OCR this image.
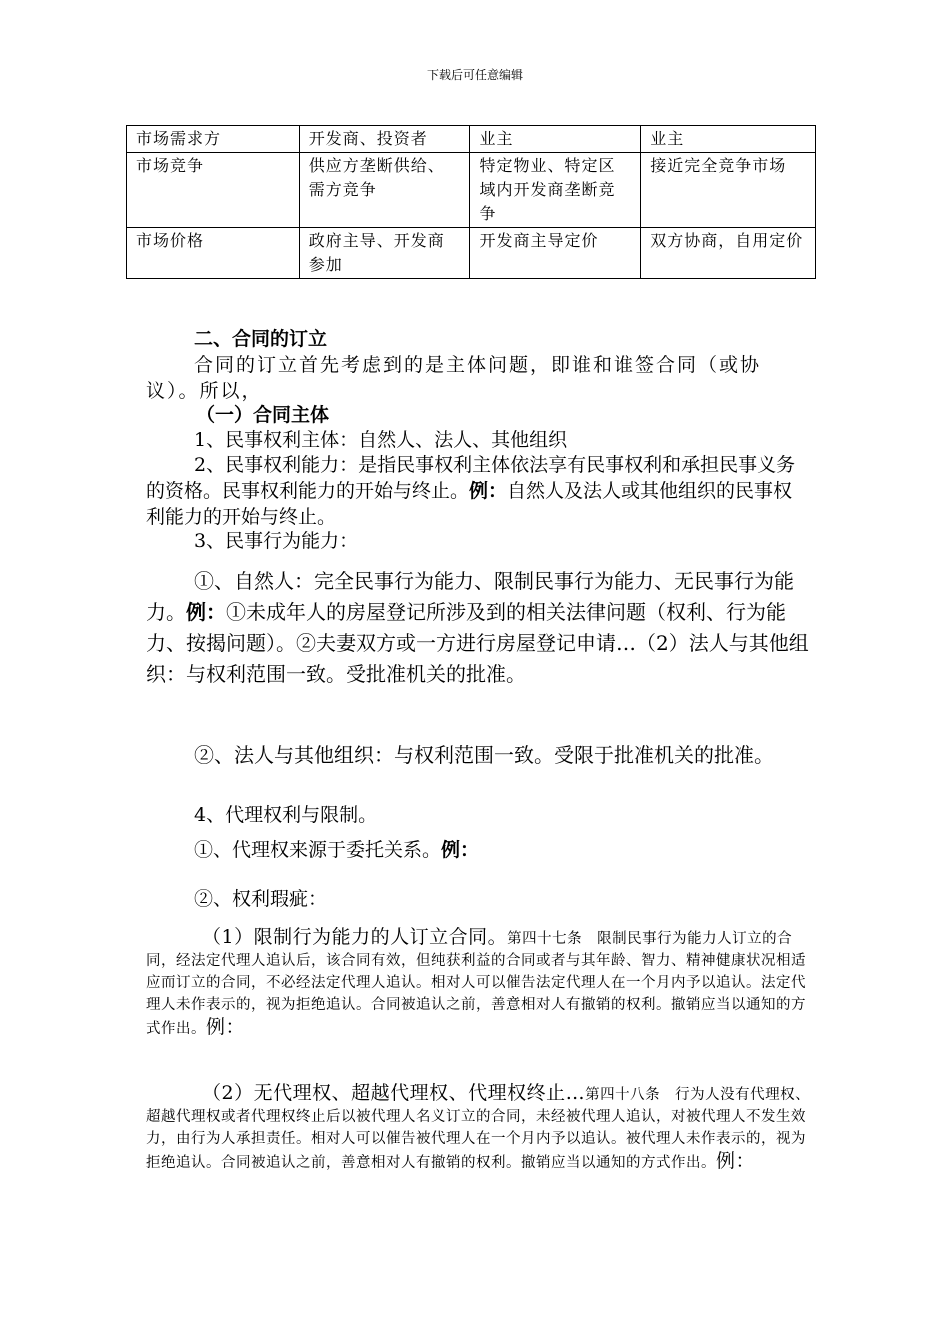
下载后可任意编辑
市场需求方	开发商、投资者	业主	业主
市场竞争	供应方垄断供给、需方竞争	特定物业、特定区域内开发商垄断竞争	接近完全竞争市场
市场价格	政府主导、开发商参加	开发商主导定价	双方协商，自用定价
二、合同的订立
合同的订立首先考虑到的是主体问题，即谁和谁签合同（或协议）。所以，
（一）合同主体
1、民事权利主体：自然人、法人、其他组织
2、民事权利能力：是指民事权利主体依法享有民事权利和承担民事义务的资格。民事权利能力的开始与终止。例：自然人及法人或其他组织的民事权利能力的开始与终止。
3、民事行为能力：
①、自然人：完全民事行为能力、限制民事行为能力、无民事行为能力。例：①未成年人的房屋登记所涉及到的相关法律问题（权利、行为能力、按揭问题）。②夫妻双方或一方进行房屋登记申请…（2）法人与其他组织：与权利范围一致。受批准机关的批准。
②、法人与其他组织：与权利范围一致。受限于批准机关的批准。
4、代理权利与限制。
①、代理权来源于委托关系。例：
②、权利瑕疵：
（1）限制行为能力的人订立合同。第四十七条　限制民事行为能力人订立的合同，经法定代理人追认后，该合同有效，但纯获利益的合同或者与其年龄、智力、精神健康状况相适应而订立的合同，不必经法定代理人追认。相对人可以催告法定代理人在一个月内予以追认。法定代理人未作表示的，视为拒绝追认。合同被追认之前，善意相对人有撤销的权利。撤销应当以通知的方式作出。例：
（2）无代理权、超越代理权、代理权终止…第四十八条　行为人没有代理权、超越代理权或者代理权终止后以被代理人名义订立的合同，未经被代理人追认，对被代理人不发生效力，由行为人承担责任。相对人可以催告被代理人在一个月内予以追认。被代理人未作表示的，视为拒绝追认。合同被追认之前，善意相对人有撤销的权利。撤销应当以通知的方式作出。例：
